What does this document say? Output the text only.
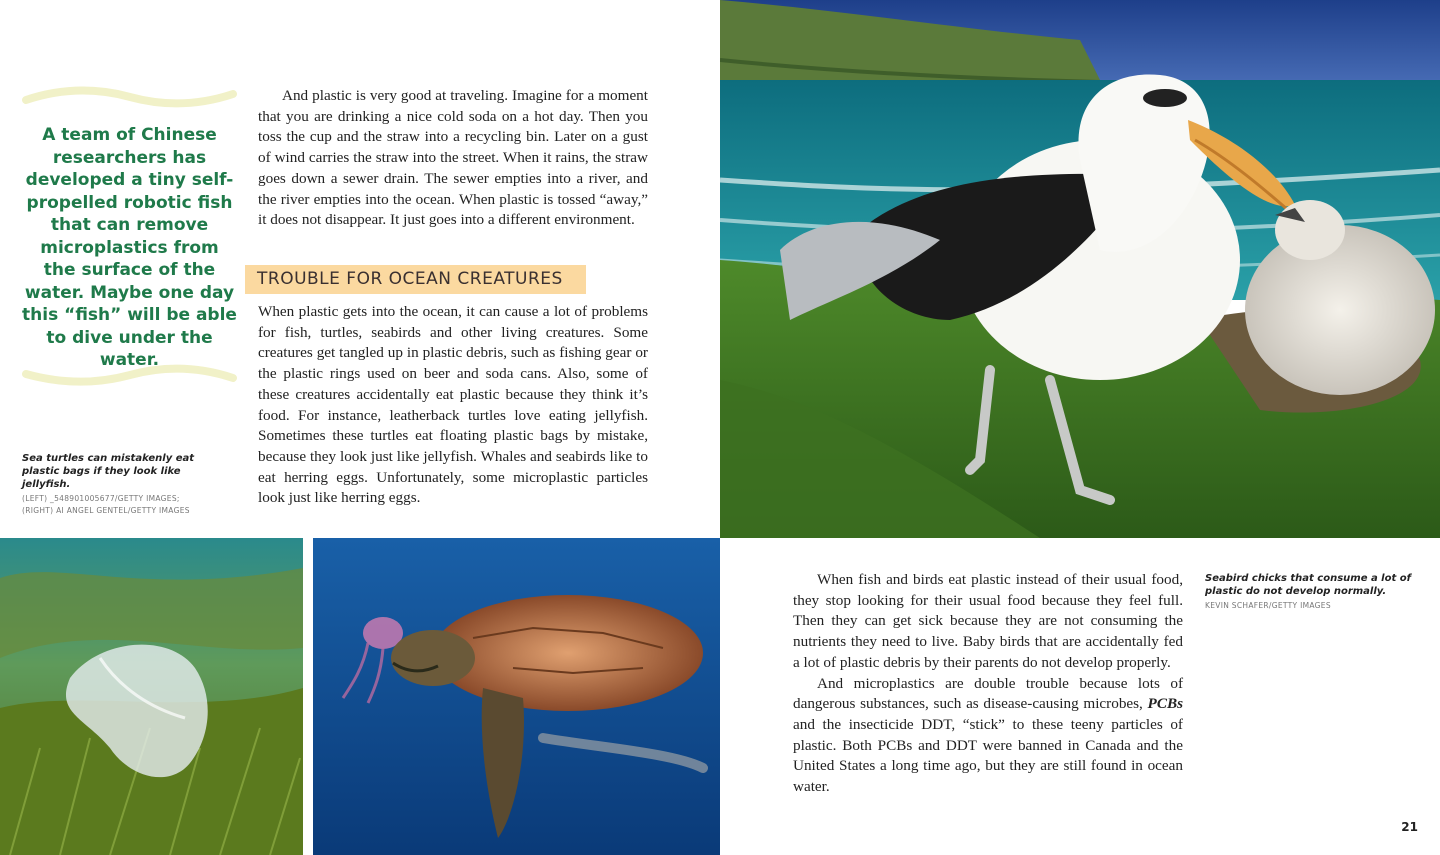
A team of Chinese researchers has developed a tiny self-propelled robotic fish that can remove microplastics from the surface of the water. Maybe one day this “fish” will be able to dive under the water.
Sea turtles can mistakenly eat plastic bags if they look like jellyfish.
(LEFT) _548901005677/GETTY IMAGES;
(RIGHT) AI ANGEL GENTEL/GETTY IMAGES

And plastic is very good at traveling. Imagine for a moment that you are drinking a nice cold soda on a hot day. Then you toss the cup and the straw into a recycling bin. Later on a gust of wind carries the straw into the street. When it rains, the straw goes down a sewer drain. The sewer empties into a river, and the river empties into the ocean. When plastic is tossed “away,” it does not disappear. It just goes into a different environment.

TROUBLE FOR OCEAN CREATURES

When plastic gets into the ocean, it can cause a lot of problems for fish, turtles, seabirds and other living creatures. Some creatures get tangled up in plastic debris, such as fishing gear or the plastic rings used on beer and soda cans. Also, some of these creatures accidentally eat plastic because they think it’s food. For instance, leatherback turtles love eating jellyfish. Sometimes these turtles eat floating plastic bags by mistake, because they look just like jellyfish. Whales and seabirds like to eat herring eggs. Unfortunately, some microplastic particles look just like herring eggs.

When fish and birds eat plastic instead of their usual food, they stop looking for their usual food because they feel full. Then they can get sick because they are not consuming the nutrients they need to live. Baby birds that are accidentally fed a lot of plastic debris by their parents do not develop properly.

And microplastics are double trouble because lots of dangerous substances, such as disease-causing microbes, PCBs and the insecticide DDT, “stick” to these teeny particles of plastic. Both PCBs and DDT were banned in Canada and the United States a long time ago, but they are still found in ocean water.

Seabird chicks that consume a lot of plastic do not develop normally.
KEVIN SCHAFER/GETTY IMAGES
21
